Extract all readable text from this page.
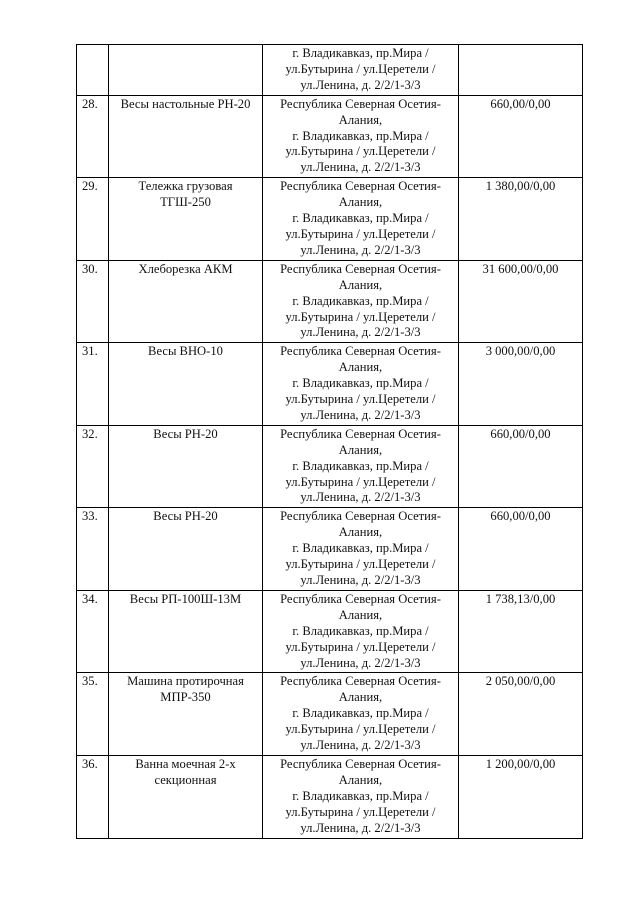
		г. Владикавказ, пр.Мира /
ул.Бутырина / ул.Церетели /
ул.Ленина, д. 2/2/1-3/3	
28.	Весы настольные РН-20	Республика Северная Осетия-
Алания,
г. Владикавказ, пр.Мира /
ул.Бутырина / ул.Церетели /
ул.Ленина, д. 2/2/1-3/3	660,00/0,00
29.	Тележка грузовая ТГШ-250	Республика Северная Осетия-
Алания,
г. Владикавказ, пр.Мира /
ул.Бутырина / ул.Церетели /
ул.Ленина, д. 2/2/1-3/3	1 380,00/0,00
30.	Хлеборезка АКМ	Республика Северная Осетия-
Алания,
г. Владикавказ, пр.Мира /
ул.Бутырина / ул.Церетели /
ул.Ленина, д. 2/2/1-3/3	31 600,00/0,00
31.	Весы ВНО-10	Республика Северная Осетия-
Алания,
г. Владикавказ, пр.Мира /
ул.Бутырина / ул.Церетели /
ул.Ленина, д. 2/2/1-3/3	3 000,00/0,00
32.	Весы РН-20	Республика Северная Осетия-
Алания,
г. Владикавказ, пр.Мира /
ул.Бутырина / ул.Церетели /
ул.Ленина, д. 2/2/1-3/3	660,00/0,00
33.	Весы РН-20	Республика Северная Осетия-
Алания,
г. Владикавказ, пр.Мира /
ул.Бутырина / ул.Церетели /
ул.Ленина, д. 2/2/1-3/3	660,00/0,00
34.	Весы РП-100Ш-13М	Республика Северная Осетия-
Алания,
г. Владикавказ, пр.Мира /
ул.Бутырина / ул.Церетели /
ул.Ленина, д. 2/2/1-3/3	1 738,13/0,00
35.	Машина протирочная МПР-350	Республика Северная Осетия-
Алания,
г. Владикавказ, пр.Мира /
ул.Бутырина / ул.Церетели /
ул.Ленина, д. 2/2/1-3/3	2 050,00/0,00
36.	Ванна моечная 2-х секционная	Республика Северная Осетия-
Алания,
г. Владикавказ, пр.Мира /
ул.Бутырина / ул.Церетели /
ул.Ленина, д. 2/2/1-3/3	1 200,00/0,00
